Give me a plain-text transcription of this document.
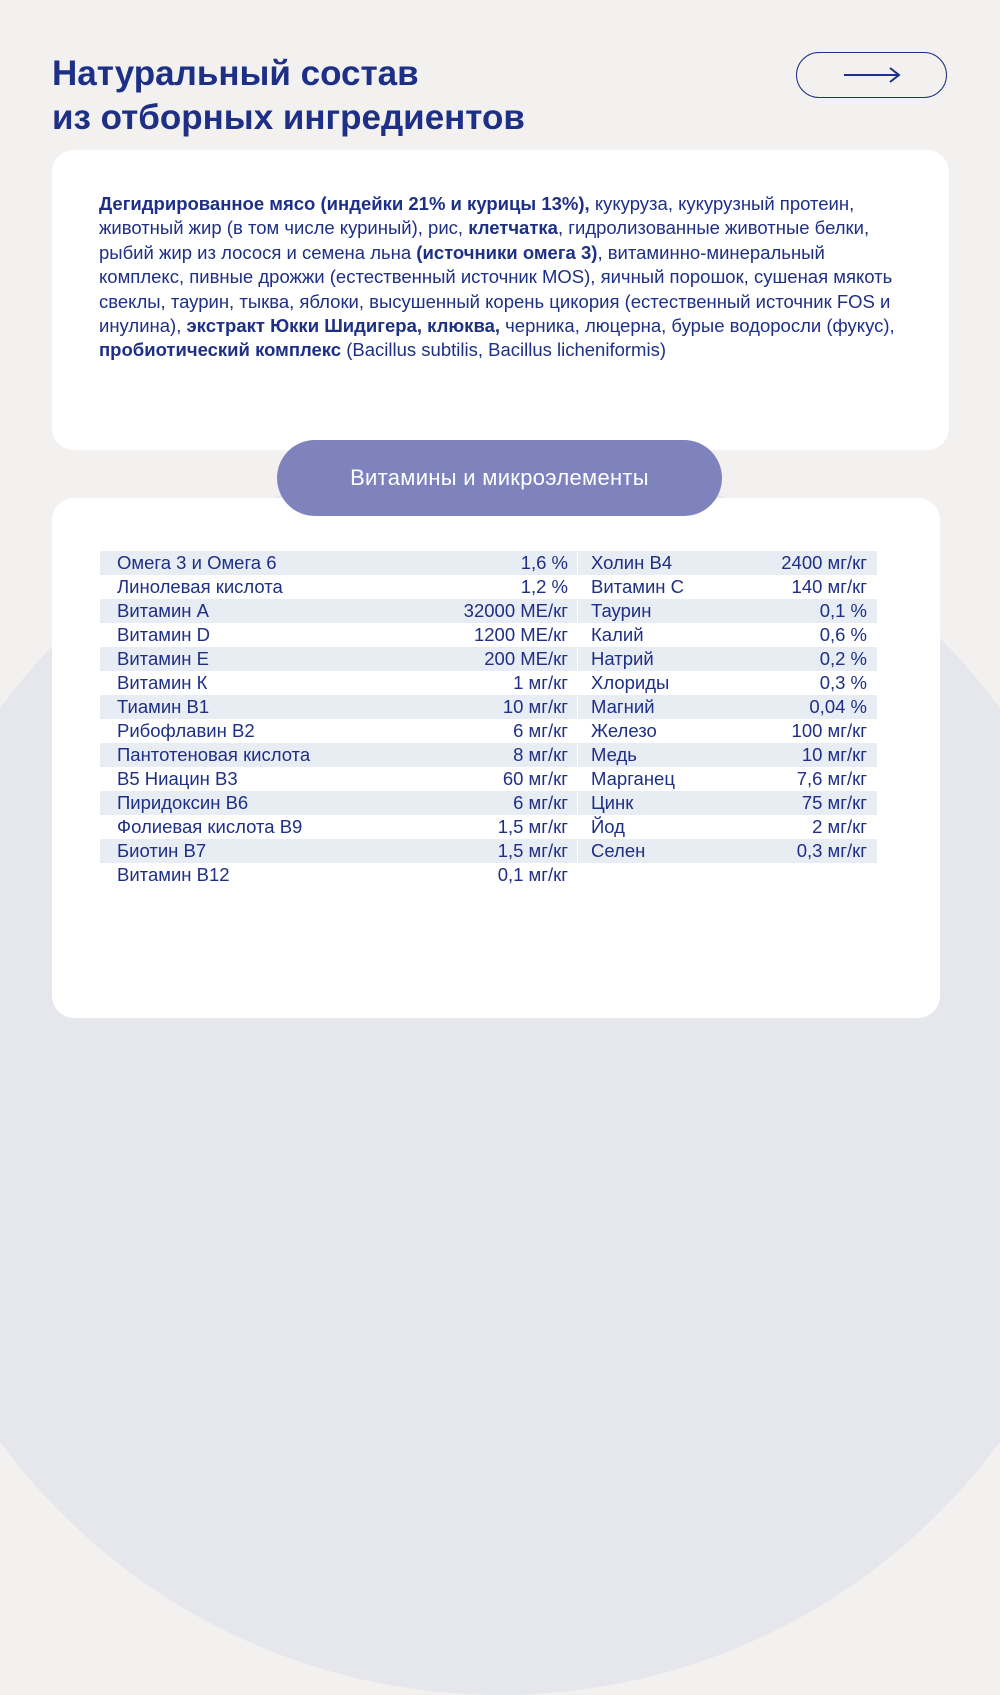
Натуральный состав
из отборных ингредиентов

Дегидрированное мясо (индейки 21% и курицы 13%), кукуруза, кукурузный протеин, животный жир (в том числе куриный), рис, клетчатка, гидролизованные животные белки, рыбий жир из лосося и семена льна (источники омега 3), витаминно-минеральный комплекс, пивные дрожжи (естественный источник MOS), яичный порошок, сушеная мякоть свеклы, таурин, тыква, яблоки, высушенный корень цикория (естественный источник FOS и инулина), экстракт Юкки Шидигера, клюква, черника, люцерна, бурые водоросли (фукус), пробиотический комплекс (Bacillus subtilis, Bacillus licheniformis)

Витамины и микроэлементы
Омега 3 и Омега 6	1,6 %
Линолевая кислота	1,2 %
Витамин А	32000 МЕ/кг
Витамин D	1200 МЕ/кг
Витамин Е	200 МЕ/кг
Витамин К	1 мг/кг
Тиамин В1	10 мг/кг
Рибофлавин В2	6 мг/кг
Пантотеновая кислота	8 мг/кг
В5 Ниацин В3	60 мг/кг
Пиридоксин В6	6 мг/кг
Фолиевая кислота В9	1,5 мг/кг
Биотин В7	1,5 мг/кг
Витамин В12	0,1 мг/кг
Холин В4	2400 мг/кг
Витамин С	140 мг/кг
Таурин	0,1 %
Калий	0,6 %
Натрий	0,2 %
Хлориды	0,3 %
Магний	0,04 %
Железо	100 мг/кг
Медь	10 мг/кг
Марганец	7,6 мг/кг
Цинк	75 мг/кг
Йод	2 мг/кг
Селен	0,3 мг/кг
